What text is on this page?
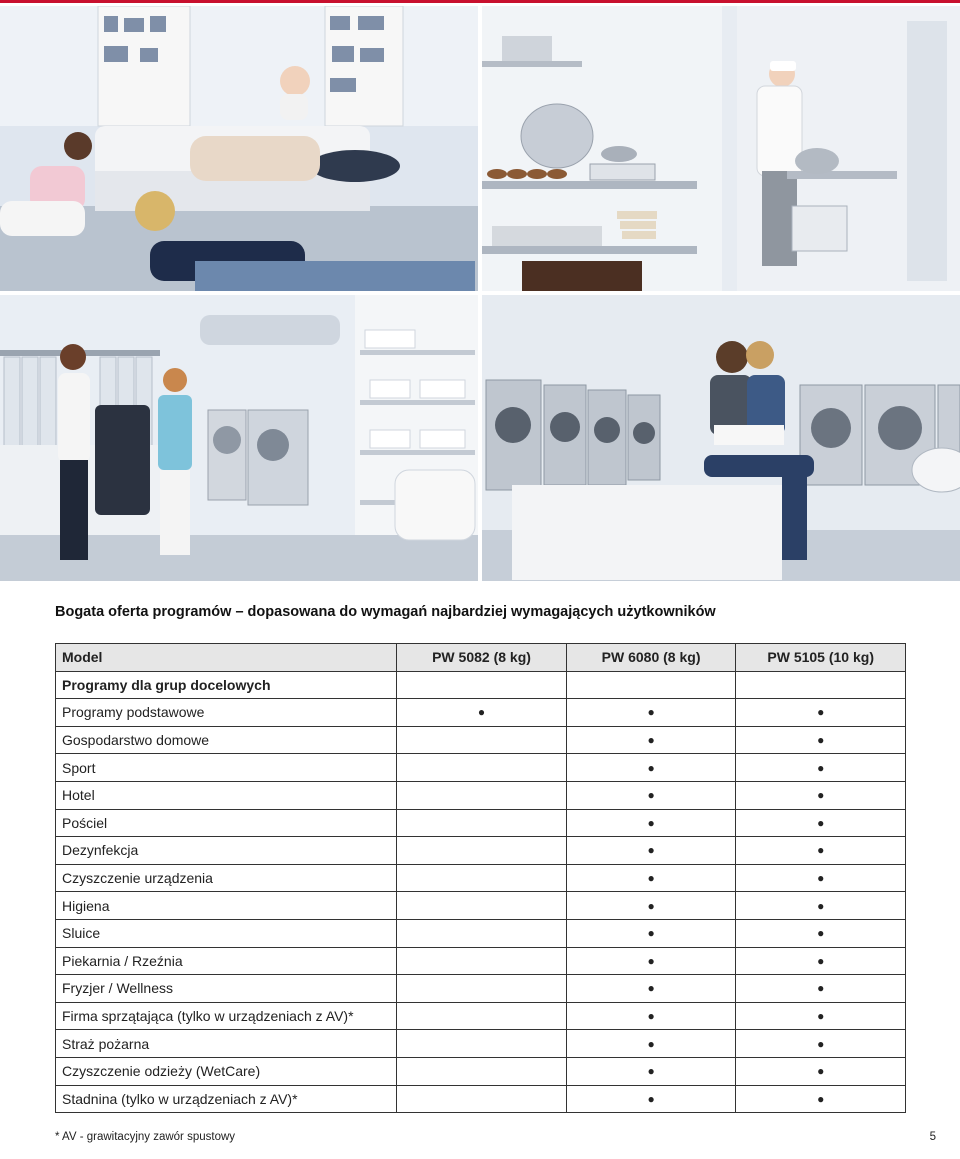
Bogata oferta programów – dopasowana do wymagań najbardziej wymagających użytkowników
Model	PW 5082 (8 kg)	PW 6080 (8 kg)	PW 5105 (10 kg)
Programy dla grup docelowych			
Programy podstawowe	●	●	●
Gospodarstwo domowe		●	●
Sport		●	●
Hotel		●	●
Pościel		●	●
Dezynfekcja		●	●
Czyszczenie urządzenia		●	●
Higiena		●	●
Sluice		●	●
Piekarnia / Rzeźnia		●	●
Fryzjer / Wellness		●	●
Firma sprzątająca (tylko w urządzeniach z AV)*		●	●
Straż pożarna		●	●
Czyszczenie odzieży (WetCare)		●	●
Stadnina (tylko w urządzeniach z AV)*		●	●
* AV - grawitacyjny zawór spustowy	5
